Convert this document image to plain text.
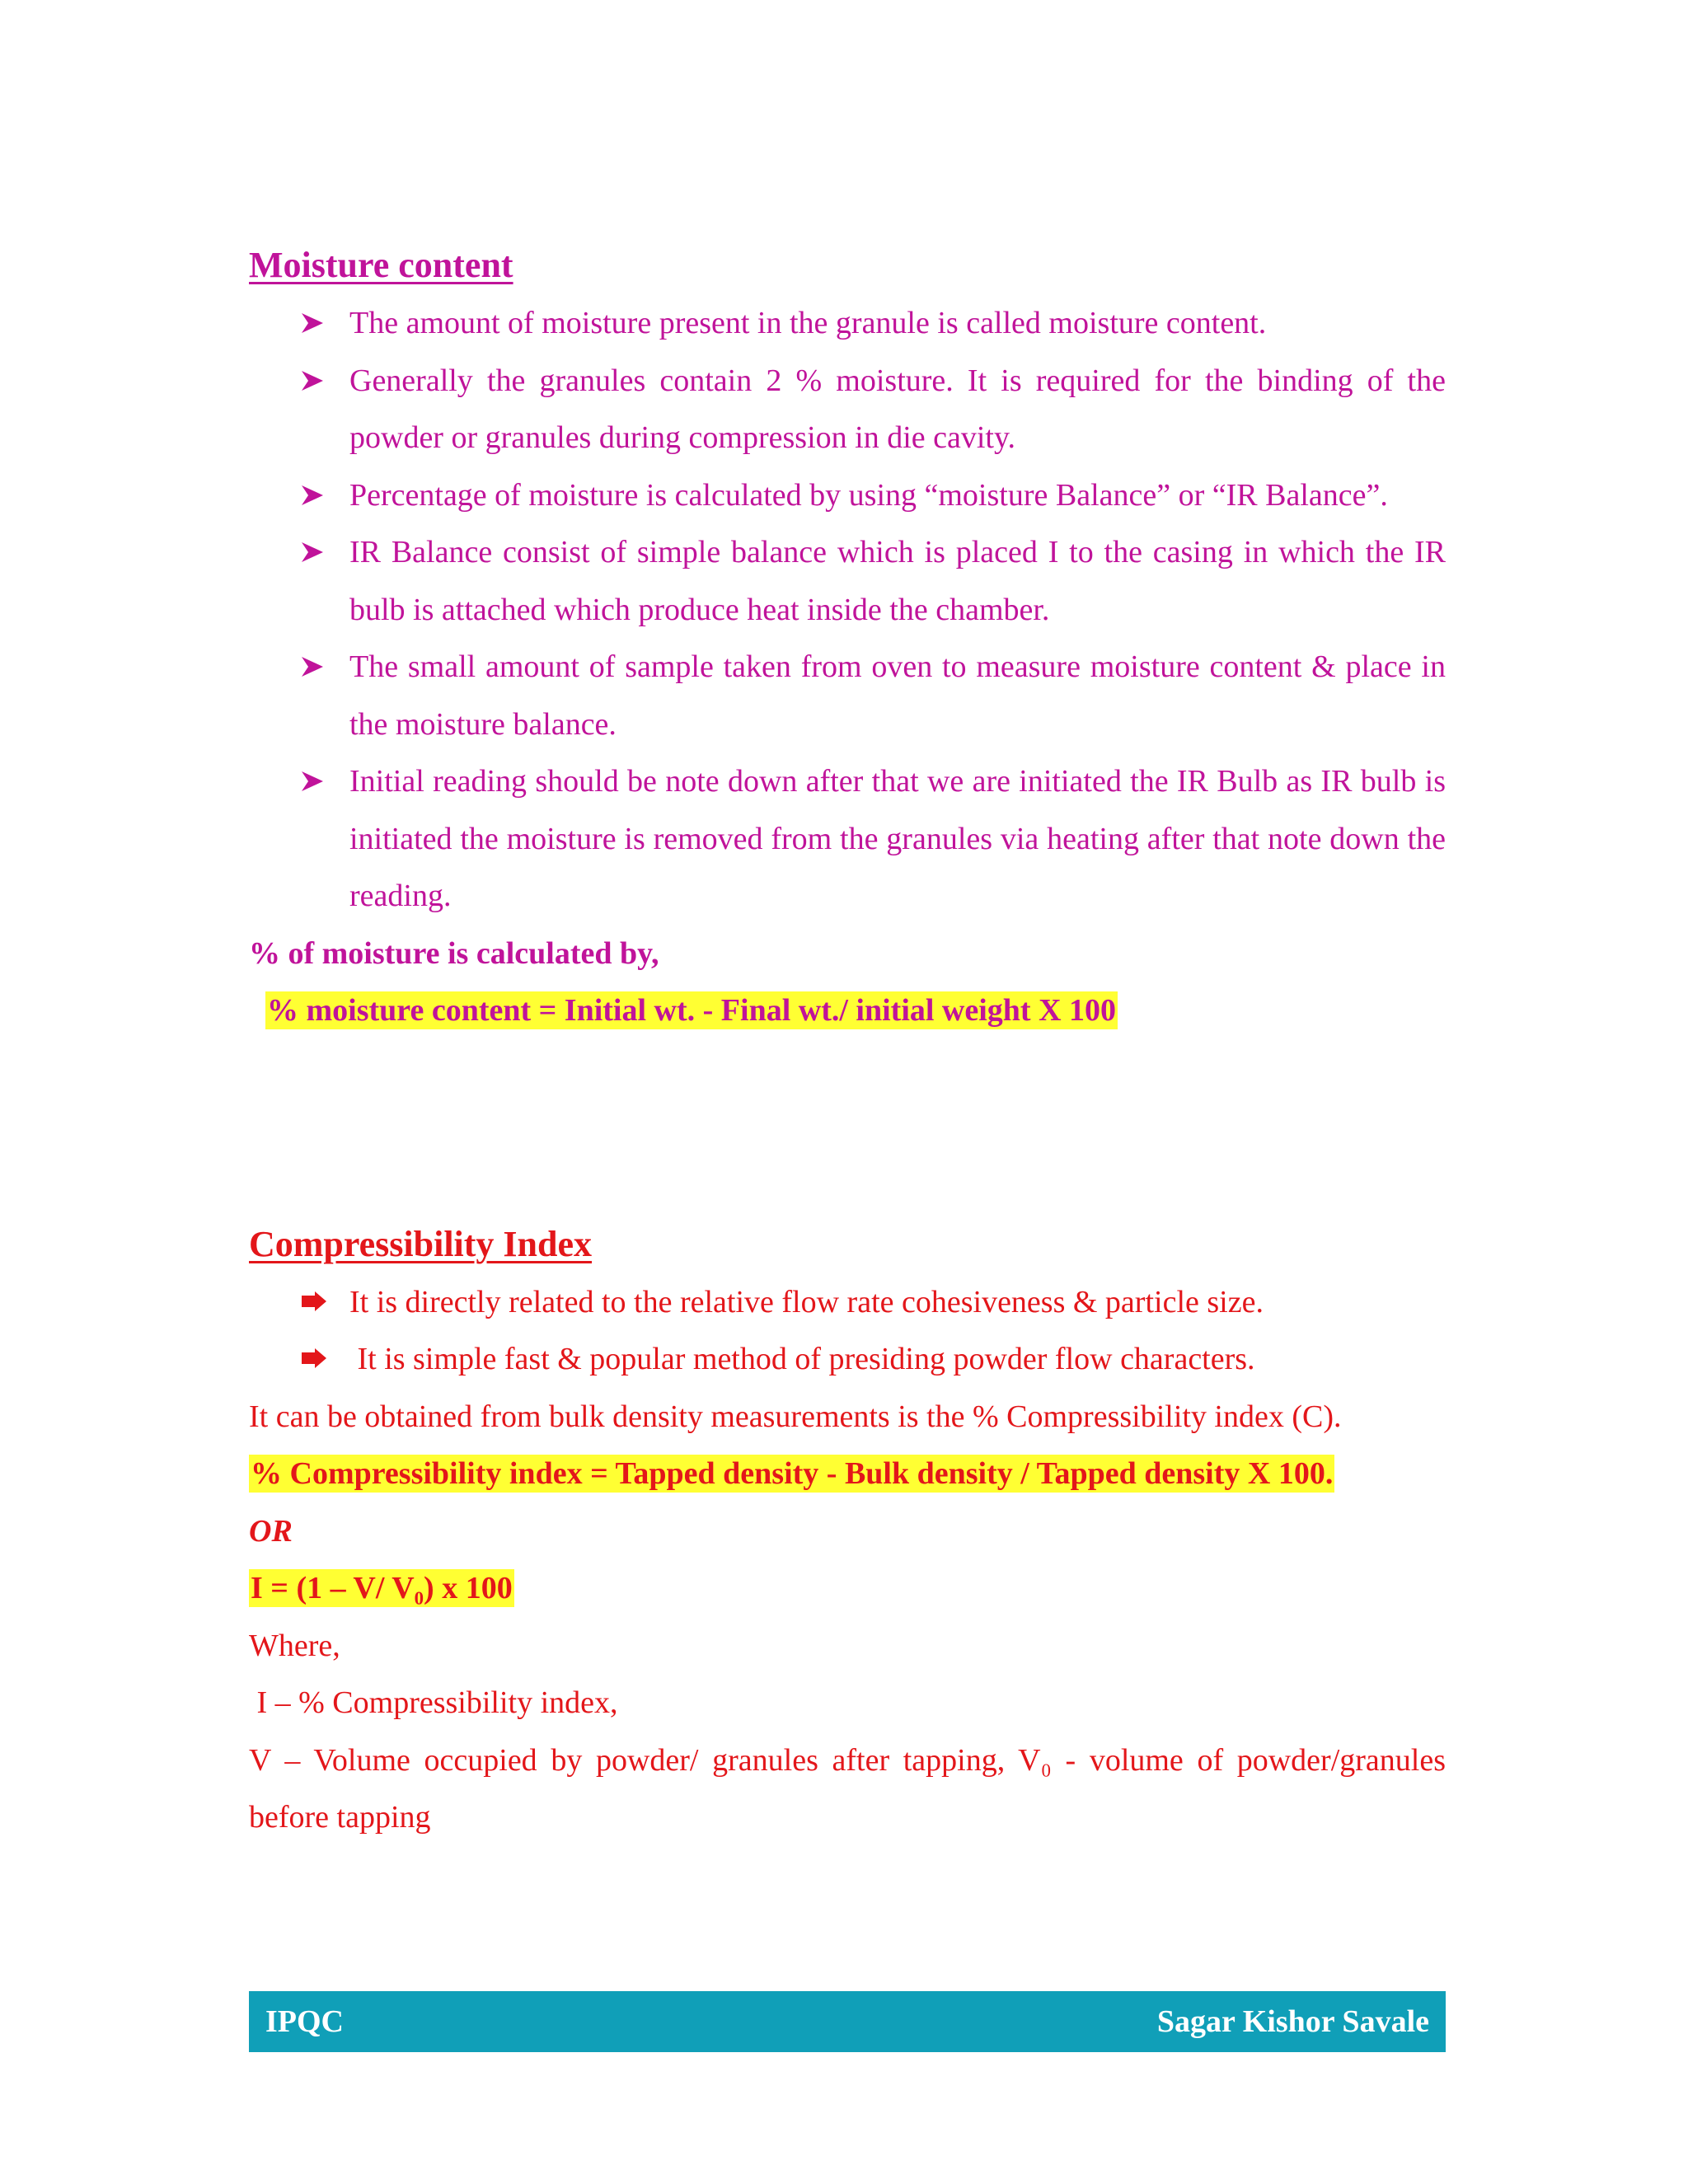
Moisture content
The amount of moisture present in the granule is called moisture content.
Generally the granules contain 2 % moisture. It is required for the binding of the powder or granules during compression in die cavity.
Percentage of moisture is calculated by using “moisture Balance” or “IR Balance”.
IR Balance consist of simple balance which is placed I to the casing in which the IR bulb is attached which produce heat inside the chamber.
The small amount of sample taken from oven to measure moisture content & place in the moisture balance.
Initial reading should be note down after that we are initiated the IR Bulb as IR bulb is initiated the moisture is removed from the granules via heating after that note down the reading.

% of moisture is calculated by,

% moisture content = Initial wt. - Final wt./ initial weight X 100

Compressibility Index
It is directly related to the relative flow rate cohesiveness & particle size.
It is simple fast & popular method of presiding powder flow characters.

It can be obtained from bulk density measurements is the % Compressibility index (C).

% Compressibility index = Tapped density - Bulk density / Tapped density X 100.

OR

I = (1 – V/ V₀) x 100

Where,

I – % Compressibility index,

V – Volume occupied by powder/ granules after tapping, V₀ - volume of powder/granules before tapping

IPQC	Sagar Kishor Savale
